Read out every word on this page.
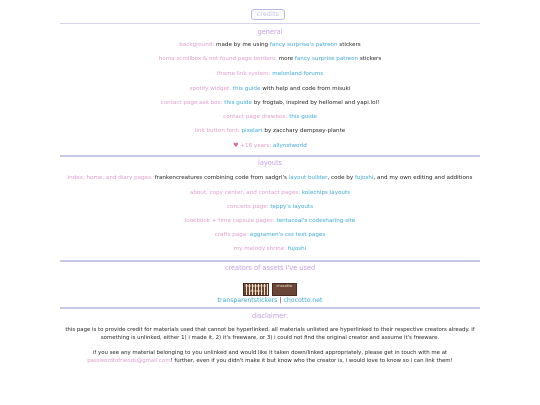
credits
general
background: made by me using fancy surprise's patreon stickers
home scrollbox & not found page borders: more fancy surprise patreon stickers
iframe link system: melonland forums
spotify widget: this guide with help and code from misuki
contact page ask box: this guide by frogtab, inspired by hellomel and yapi.lol!
contact page drawbox: this guide
link button font: pixelart by zacchary dempsey-plante
♥ +18 years: allynstworld
layouts
index, home, and diary pages: frankencreatures combining code from sadgrl's layout builder, code by fujoshi, and my own editing and additions
about, copy center, and contact pages: kolechips layouts
concerts page: teppy's layouts
lookbook + time capsule pages: tentacoal's codesharing site
crafts page: eggramen's css text pages
my melody shrine: fujoshi
creators of assets I've used
transparent stickers
chocotto
transparentstickers | chocotto.net
disclaimer:
this page is to provide credit for materials used that cannot be hyperlinked. all materials unlisted are hyperlinked to their respective creators already. if something is unlinked, either 1) i made it, 2) it's freeware, or 3) i could not find the original creator and assume it's freeware.
if you see any material belonging to you unlinked and would like it taken down/linked appropriately, please get in touch with me at passwordtofriends@gmail.com! further, even if you didn't make it but know who the creator is, i would love to know so i can link them!
